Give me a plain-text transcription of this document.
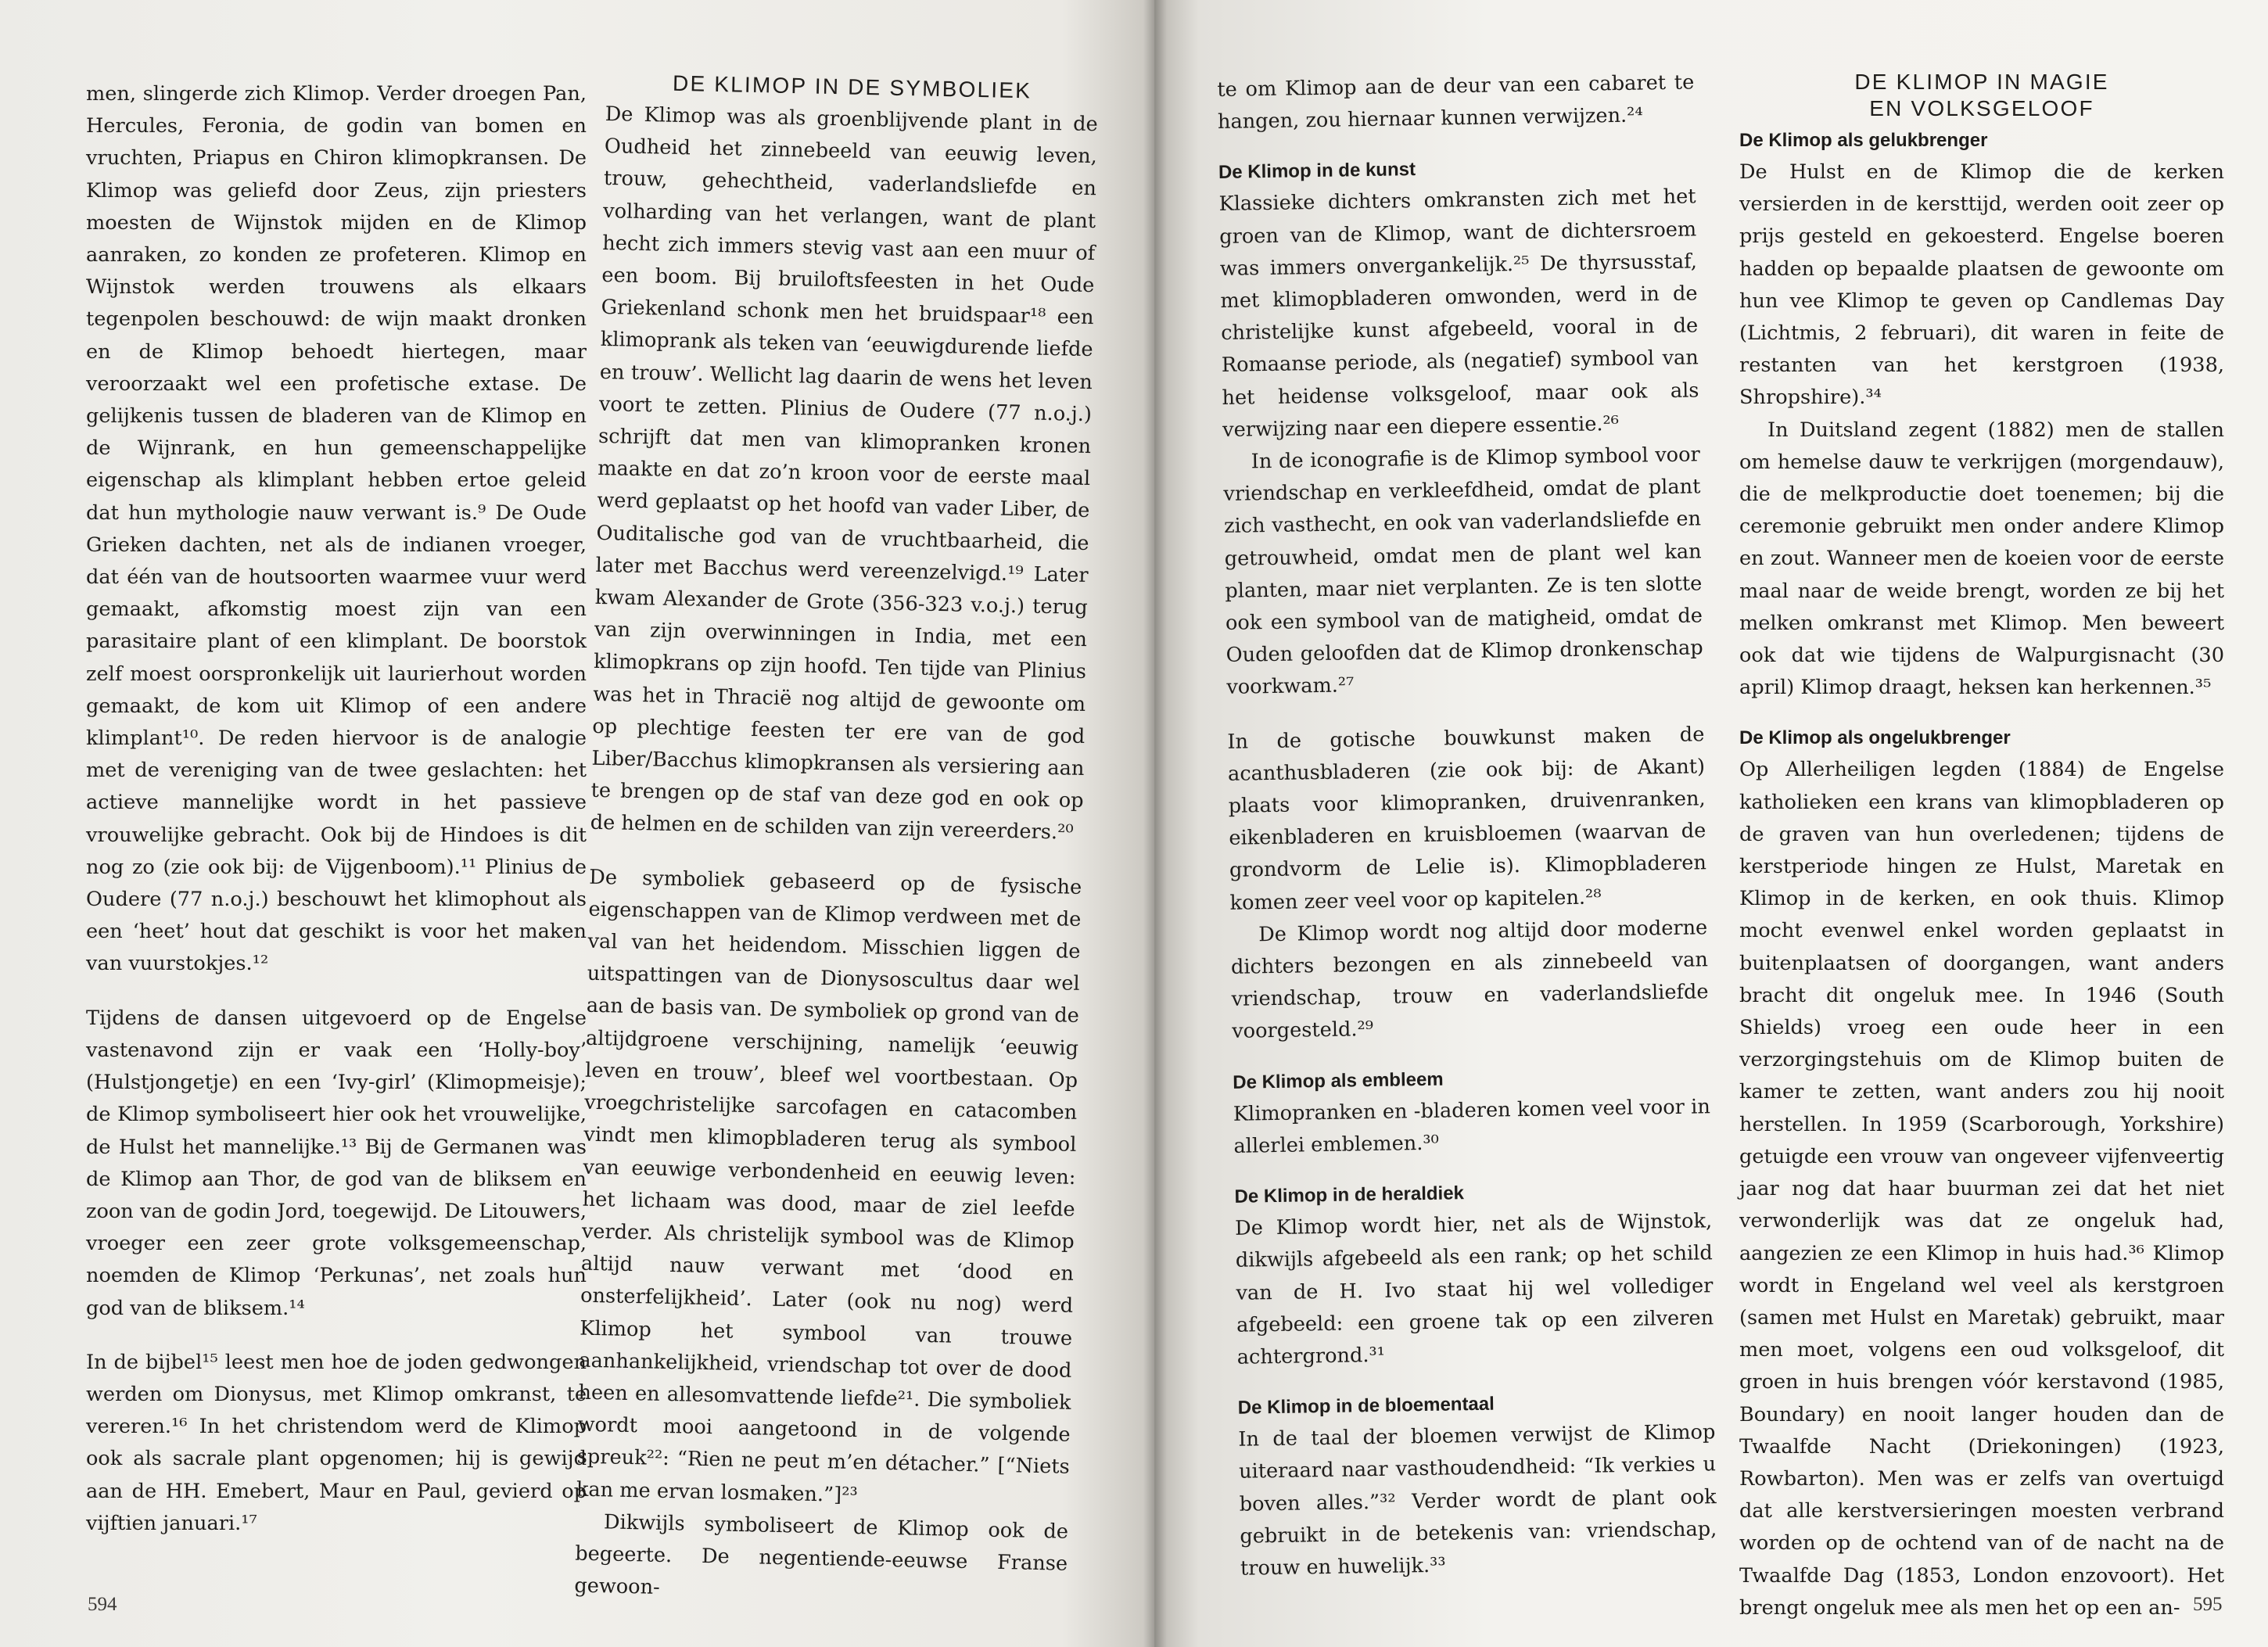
men, slingerde zich Klimop. Verder droegen Pan, Hercules, Feronia, de godin van bomen en vruchten, Priapus en Chiron klimopkransen. De Klimop was geliefd door Zeus, zijn priesters moesten de Wijnstok mijden en de Klimop aanraken, zo konden ze profeteren. Klimop en Wijnstok werden trouwens als elkaars tegenpolen beschouwd: de wijn maakt dronken en de Klimop behoedt hiertegen, maar veroorzaakt wel een profetische extase. De gelijkenis tussen de bladeren van de Klimop en de Wijnrank, en hun gemeenschappelijke eigenschap als klimplant hebben ertoe geleid dat hun mythologie nauw verwant is.⁹ De Oude Grieken dachten, net als de indianen vroeger, dat één van de houtsoorten waarmee vuur werd gemaakt, afkomstig moest zijn van een parasitaire plant of een klimplant. De boorstok zelf moest oorspronkelijk uit laurierhout worden gemaakt, de kom uit Klimop of een andere klimplant¹⁰. De reden hiervoor is de analogie met de vereniging van de twee geslachten: het actieve mannelijke wordt in het passieve vrouwelijke gebracht. Ook bij de Hindoes is dit nog zo (zie ook bij: de Vijgenboom).¹¹ Plinius de Oudere (77 n.o.j.) beschouwt het klimophout als een ‘heet’ hout dat geschikt is voor het maken van vuurstokjes.¹²

Tijdens de dansen uitgevoerd op de Engelse vastenavond zijn er vaak een ‘Holly-boy’ (Hulstjongetje) en een ‘Ivy-girl’ (Klimopmeisje); de Klimop symboliseert hier ook het vrouwelijke, de Hulst het mannelijke.¹³ Bij de Germanen was de Klimop aan Thor, de god van de bliksem en zoon van de godin Jord, toegewijd. De Litouwers, vroeger een zeer grote volksgemeenschap, noemden de Klimop ‘Perkunas’, net zoals hun god van de bliksem.¹⁴

In de bijbel¹⁵ leest men hoe de joden gedwongen werden om Dionysus, met Klimop omkranst, te vereren.¹⁶ In het christendom werd de Klimop ook als sacrale plant opgenomen; hij is gewijd aan de HH. Emebert, Maur en Paul, gevierd op vijftien januari.¹⁷

DE KLIMOP IN DE SYMBOLIEK

De Klimop was als groenblijvende plant in de Oudheid het zinnebeeld van eeuwig leven, trouw, gehechtheid, vaderlandsliefde en volharding van het verlangen, want de plant hecht zich immers stevig vast aan een muur of een boom. Bij bruiloftsfeesten in het Oude Griekenland schonk men het bruidspaar¹⁸ een klimoprank als teken van ‘eeuwigdurende liefde en trouw’. Wellicht lag daarin de wens het leven voort te zetten. Plinius de Oudere (77 n.o.j.) schrijft dat men van klimopranken kronen maakte en dat zo’n kroon voor de eerste maal werd geplaatst op het hoofd van vader Liber, de Ouditalische god van de vruchtbaarheid, die later met Bacchus werd vereenzelvigd.¹⁹ Later kwam Alexander de Grote (356-323 v.o.j.) terug van zijn overwinningen in India, met een klimopkrans op zijn hoofd. Ten tijde van Plinius was het in Thracië nog altijd de gewoonte om op plechtige feesten ter ere van de god Liber/Bacchus klimopkransen als versiering aan te brengen op de staf van deze god en ook op de helmen en de schilden van zijn vereerders.²⁰

De symboliek gebaseerd op de fysische eigenschappen van de Klimop verdween met de val van het heidendom. Misschien liggen de uitspattingen van de Dionysoscultus daar wel aan de basis van. De symboliek op grond van de altijdgroene verschijning, namelijk ‘eeuwig leven en trouw’, bleef wel voortbestaan. Op vroegchristelijke sarcofagen en catacomben vindt men klimopbladeren terug als symbool van eeuwige verbondenheid en eeuwig leven: het lichaam was dood, maar de ziel leefde verder. Als christelijk symbool was de Klimop altijd nauw verwant met ‘dood en onsterfelijkheid’. Later (ook nu nog) werd Klimop het symbool van trouwe aanhankelijkheid, vriendschap tot over de dood heen en allesomvattende liefde²¹. Die symboliek wordt mooi aangetoond in de volgende spreuk²²: “Rien ne peut m’en détacher.” [“Niets kan me ervan losmaken.”]²³

Dikwijls symboliseert de Klimop ook de begeerte. De negentiende-eeuwse Franse gewoon-

594

te om Klimop aan de deur van een cabaret te hangen, zou hiernaar kunnen verwijzen.²⁴

De Klimop in de kunst

Klassieke dichters omkransten zich met het groen van de Klimop, want de dichtersroem was immers onvergankelijk.²⁵ De thyrsusstaf, met klimopbladeren omwonden, werd in de christelijke kunst afgebeeld, vooral in de Romaanse periode, als (negatief) symbool van het heidense volksgeloof, maar ook als verwijzing naar een diepere essentie.²⁶

In de iconografie is de Klimop symbool voor vriendschap en verkleefdheid, omdat de plant zich vasthecht, en ook van vaderlandsliefde en getrouwheid, omdat men de plant wel kan planten, maar niet verplanten. Ze is ten slotte ook een symbool van de matigheid, omdat de Ouden geloofden dat de Klimop dronkenschap voorkwam.²⁷

In de gotische bouwkunst maken de acanthusbladeren (zie ook bij: de Akant) plaats voor klimopranken, druivenranken, eikenbladeren en kruisbloemen (waarvan de grondvorm de Lelie is). Klimopbladeren komen zeer veel voor op kapitelen.²⁸

De Klimop wordt nog altijd door moderne dichters bezongen en als zinnebeeld van vriendschap, trouw en vaderlandsliefde voorgesteld.²⁹

De Klimop als embleem

Klimopranken en -bladeren komen veel voor in allerlei emblemen.³⁰

De Klimop in de heraldiek

De Klimop wordt hier, net als de Wijnstok, dikwijls afgebeeld als een rank; op het schild van de H. Ivo staat hij wel vollediger afgebeeld: een groene tak op een zilveren achtergrond.³¹

De Klimop in de bloementaal

In de taal der bloemen verwijst de Klimop uiteraard naar vasthoudendheid: “Ik verkies u boven alles.”³² Verder wordt de plant ook gebruikt in de betekenis van: vriendschap, trouw en huwelijk.³³

DE KLIMOP IN MAGIE
EN VOLKSGELOOF
De Klimop als gelukbrenger

De Hulst en de Klimop die de kerken versierden in de kersttijd, werden ooit zeer op prijs gesteld en gekoesterd. Engelse boeren hadden op bepaalde plaatsen de gewoonte om hun vee Klimop te geven op Candlemas Day (Lichtmis, 2 februari), dit waren in feite de restanten van het kerstgroen (1938, Shropshire).³⁴

In Duitsland zegent (1882) men de stallen om hemelse dauw te verkrijgen (morgendauw), die de melkproductie doet toenemen; bij die ceremonie gebruikt men onder andere Klimop en zout. Wanneer men de koeien voor de eerste maal naar de weide brengt, worden ze bij het melken omkranst met Klimop. Men beweert ook dat wie tijdens de Walpurgisnacht (30 april) Klimop draagt, heksen kan herkennen.³⁵

De Klimop als ongelukbrenger

Op Allerheiligen legden (1884) de Engelse katholieken een krans van klimopbladeren op de graven van hun overledenen; tijdens de kerstperiode hingen ze Hulst, Maretak en Klimop in de kerken, en ook thuis. Klimop mocht evenwel enkel worden geplaatst in buitenplaatsen of doorgangen, want anders bracht dit ongeluk mee. In 1946 (South Shields) vroeg een oude heer in een verzorgingstehuis om de Klimop buiten de kamer te zetten, want anders zou hij nooit herstellen. In 1959 (Scarborough, Yorkshire) getuigde een vrouw van ongeveer vijfenveertig jaar nog dat haar buurman zei dat het niet verwonderlijk was dat ze ongeluk had, aangezien ze een Klimop in huis had.³⁶ Klimop wordt in Engeland wel veel als kerstgroen (samen met Hulst en Maretak) gebruikt, maar men moet, volgens een oud volksgeloof, dit groen in huis brengen vóór kerstavond (1985, Boundary) en nooit langer houden dan de Twaalfde Nacht (Driekoningen) (1923, Rowbarton). Men was er zelfs van overtuigd dat alle kerstversieringen moesten verbrand worden op de ochtend van of de nacht na de Twaalfde Dag (1853, London enzovoort). Het brengt ongeluk mee als men het op een an- 595
